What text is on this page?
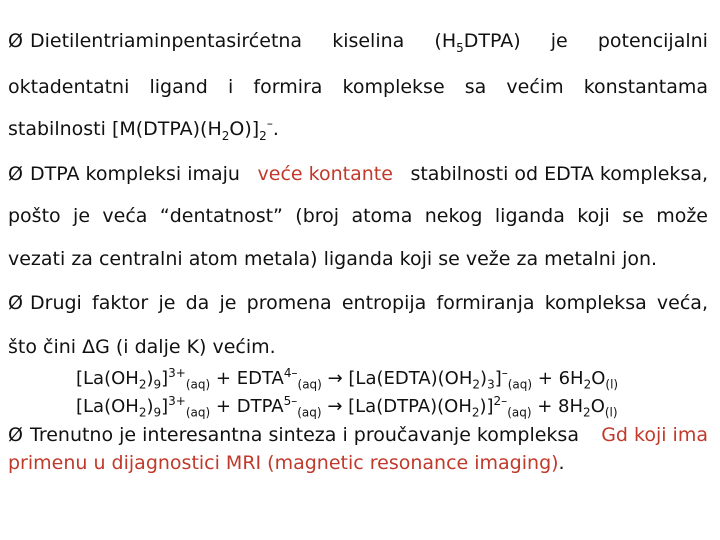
Ø Dietilentriaminpentasirćetna kiselina $(H_5DTPA)$ je potencijalni
oktadentatni ligand i formira komplekse sa većim konstantama
stabilnosti $[M(DTPA)(H_2O)]_2^-$.
Ø DTPA kompleksi imaju veće kontante stabilnosti od EDTA kompleksa,
pošto je veća “dentatnost” (broj atoma nekog liganda koji se može
vezati za centralni atom metala) liganda koji se veže za metalni jon.
Ø Drugi faktor je da je promena entropija formiranja kompleksa veća,
što čini ΔG (i dalje K) većim.
$[La(OH_2)_9]^{3+}_{(aq)}$ + $EDTA^{4-}_{(aq)}$ → $[La(EDTA)(OH_2)_3]^-_{(aq)} + 6H_2O_{(l)}$
$[La(OH_2)_9]^{3+}_{(aq)}$ + $DTPA^{5-}_{(aq)}$ → $[La(DTPA)(OH_2)]^{2-}_{(aq)} + 8H_2O_{(l)}$
Ø Trenutno je interesantna sinteza i proučavanje kompleksa Gd koji ima
primenu u dijagnostici MRI (magnetic resonance imaging).
